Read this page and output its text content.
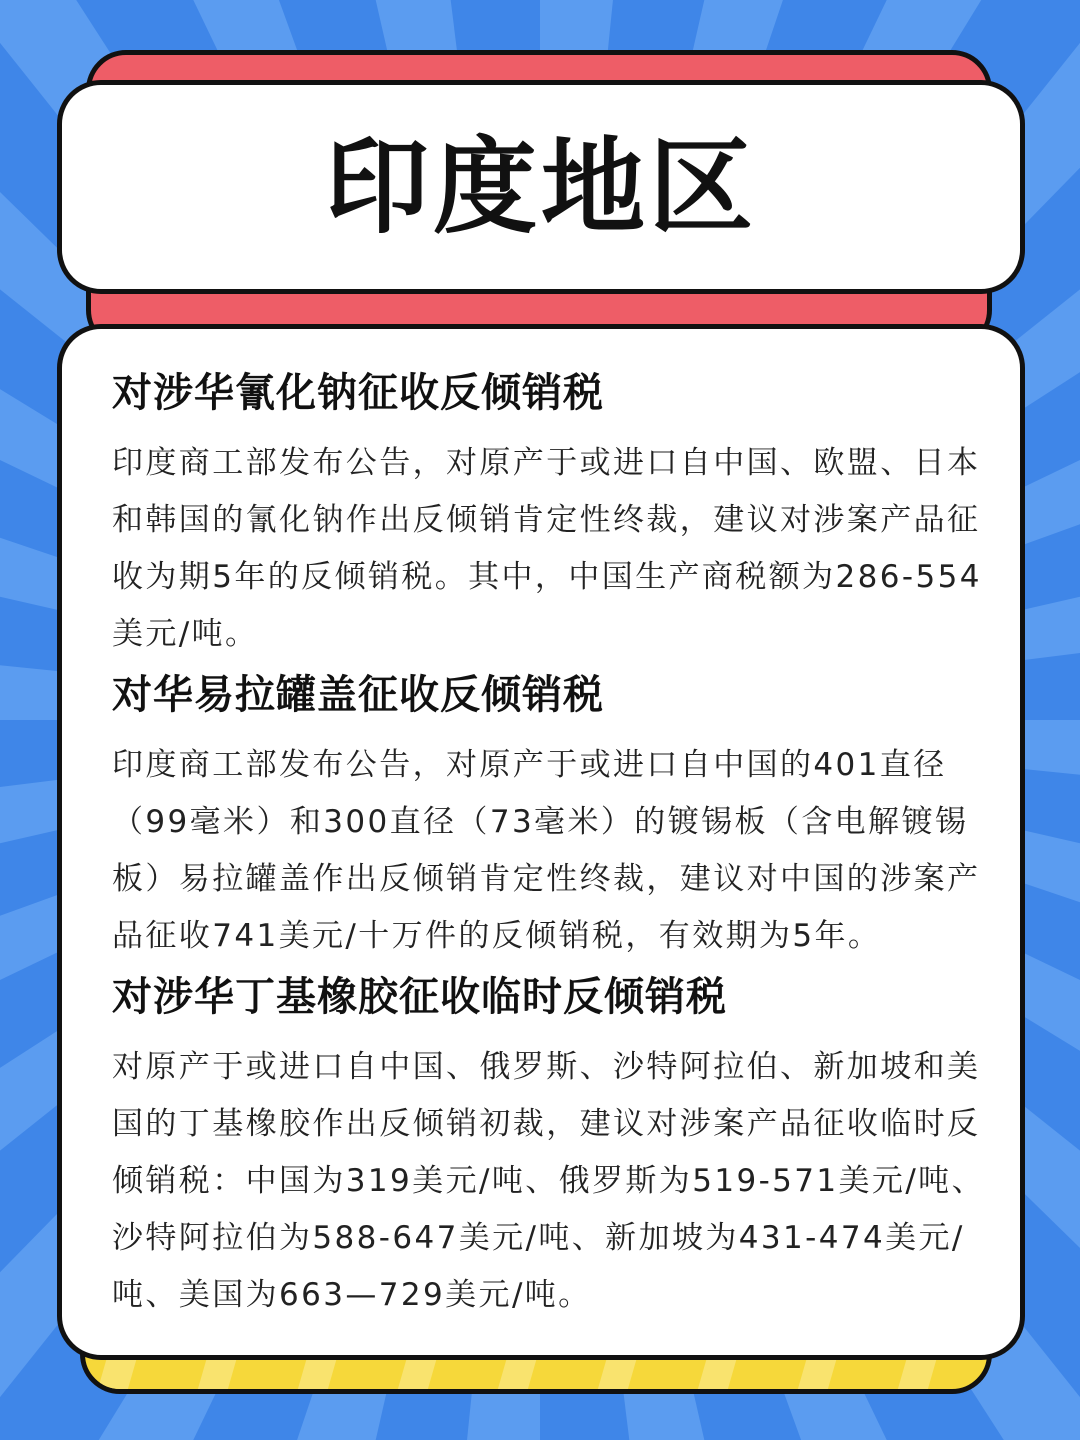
印度地区
对涉华氰化钠征收反倾销税

印度商工部发布公告，对原产于或进口自中国、欧盟、日本和韩国的氰化钠作出反倾销肯定性终裁，建议对涉案产品征收为期5年的反倾销税。其中，中国生产商税额为286-554美元/吨。

对华易拉罐盖征收反倾销税

印度商工部发布公告，对原产于或进口自中国的401直径（99毫米）和300直径（73毫米）的镀锡板（含电解镀锡板）易拉罐盖作出反倾销肯定性终裁，建议对中国的涉案产品征收741美元/十万件的反倾销税，有效期为5年。

对涉华丁基橡胶征收临时反倾销税

对原产于或进口自中国、俄罗斯、沙特阿拉伯、新加坡和美国的丁基橡胶作出反倾销初裁，建议对涉案产品征收临时反倾销税：中国为319美元/吨、俄罗斯为519-571美元/吨、沙特阿拉伯为588-647美元/吨、新加坡为431-474美元/吨、美国为663—729美元/吨。
